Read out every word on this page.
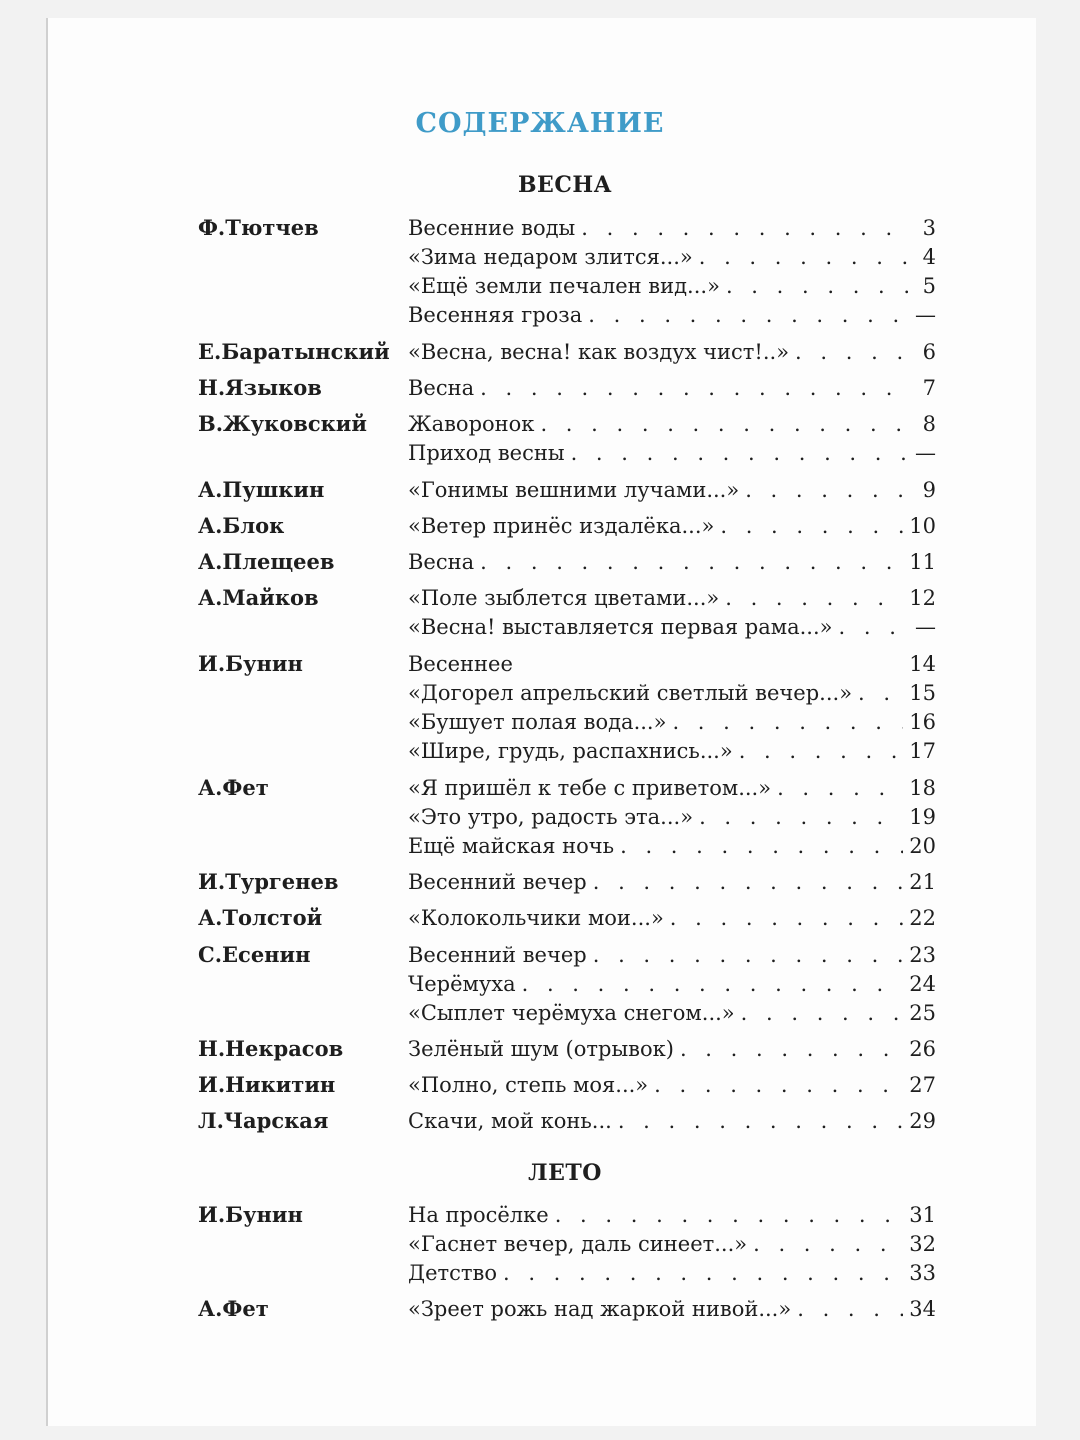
СОДЕРЖАНИЕ
ВЕСНА
ЛЕТО
Ф.Тютчев	Весенние воды . . .	3
«Зима недаром злится...» . . .	4
«Ещё земли печален вид...» . . .	5
Весенняя гроза . . .	—
Е.Баратынский «Весна, весна! как воздух чист!..» . . .	6
Н.Языков	Весна . . .	7
В.Жуковский Жаворонок . . .	8
Приход весны . . .	—
А.Пушкин	«Гонимы вешними лучами...» . . .	9
А.Блок	«Ветер принёс издалёка...» . . .	10
А.Плещеев	Весна . . .	11
А.Майков	«Поле зыблется цветами...» . . .	12
«Весна! выставляется первая рама...» . . .	—
И.Бунин	Весеннее	14
«Догорел апрельский светлый вечер...» . . .	15
«Бушует полая вода...» . . .	16
«Шире, грудь, распахнись...» . . .	17
А.Фет	«Я пришёл к тебе с приветом...» . . .	18
«Это утро, радость эта...» . . .	19
Ещё майская ночь . . .	20
И.Тургенев	Весенний вечер . . .	21
А.Толстой	«Колокольчики мои...» . . .	22
С.Есенин	Весенний вечер . . .	23
Черёмуха . . .	24
«Сыплет черёмуха снегом...» . . .	25
Н.Некрасов	Зелёный шум (отрывок) . . .	26
И.Никитин	«Полно, степь моя...» . . .	27
Л.Чарская	Скачи, мой конь... . . .	29
И.Бунин	На просёлке . . .	31
«Гаснет вечер, даль синеет...» . . .	32
Детство . . .	33
А.Фет	«Зреет рожь над жаркой нивой...» . . .	34
